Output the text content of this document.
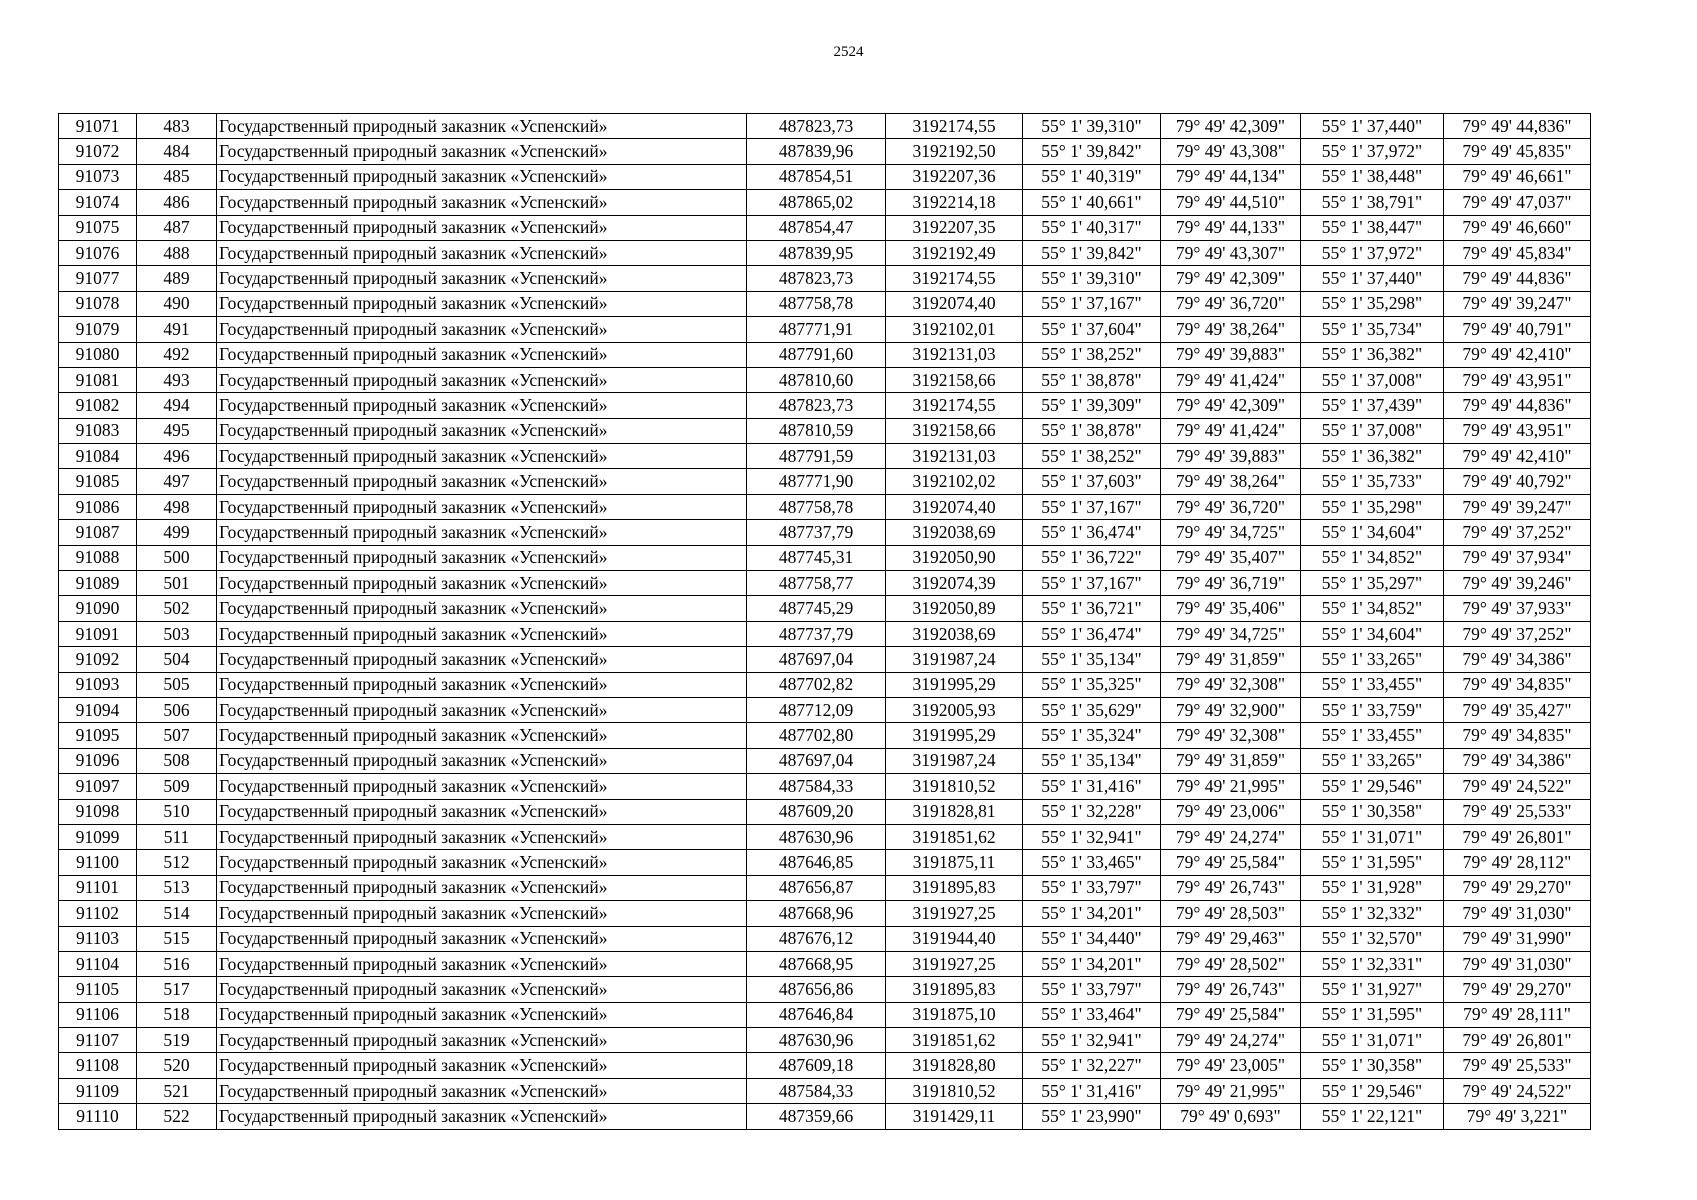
2524
91071	483	Государственный природный заказник «Успенский»	487823,73	3192174,55	55° 1' 39,310"	79° 49' 42,309"	55° 1' 37,440"	79° 49' 44,836"
91072	484	Государственный природный заказник «Успенский»	487839,96	3192192,50	55° 1' 39,842"	79° 49' 43,308"	55° 1' 37,972"	79° 49' 45,835"
91073	485	Государственный природный заказник «Успенский»	487854,51	3192207,36	55° 1' 40,319"	79° 49' 44,134"	55° 1' 38,448"	79° 49' 46,661"
91074	486	Государственный природный заказник «Успенский»	487865,02	3192214,18	55° 1' 40,661"	79° 49' 44,510"	55° 1' 38,791"	79° 49' 47,037"
91075	487	Государственный природный заказник «Успенский»	487854,47	3192207,35	55° 1' 40,317"	79° 49' 44,133"	55° 1' 38,447"	79° 49' 46,660"
91076	488	Государственный природный заказник «Успенский»	487839,95	3192192,49	55° 1' 39,842"	79° 49' 43,307"	55° 1' 37,972"	79° 49' 45,834"
91077	489	Государственный природный заказник «Успенский»	487823,73	3192174,55	55° 1' 39,310"	79° 49' 42,309"	55° 1' 37,440"	79° 49' 44,836"
91078	490	Государственный природный заказник «Успенский»	487758,78	3192074,40	55° 1' 37,167"	79° 49' 36,720"	55° 1' 35,298"	79° 49' 39,247"
91079	491	Государственный природный заказник «Успенский»	487771,91	3192102,01	55° 1' 37,604"	79° 49' 38,264"	55° 1' 35,734"	79° 49' 40,791"
91080	492	Государственный природный заказник «Успенский»	487791,60	3192131,03	55° 1' 38,252"	79° 49' 39,883"	55° 1' 36,382"	79° 49' 42,410"
91081	493	Государственный природный заказник «Успенский»	487810,60	3192158,66	55° 1' 38,878"	79° 49' 41,424"	55° 1' 37,008"	79° 49' 43,951"
91082	494	Государственный природный заказник «Успенский»	487823,73	3192174,55	55° 1' 39,309"	79° 49' 42,309"	55° 1' 37,439"	79° 49' 44,836"
91083	495	Государственный природный заказник «Успенский»	487810,59	3192158,66	55° 1' 38,878"	79° 49' 41,424"	55° 1' 37,008"	79° 49' 43,951"
91084	496	Государственный природный заказник «Успенский»	487791,59	3192131,03	55° 1' 38,252"	79° 49' 39,883"	55° 1' 36,382"	79° 49' 42,410"
91085	497	Государственный природный заказник «Успенский»	487771,90	3192102,02	55° 1' 37,603"	79° 49' 38,264"	55° 1' 35,733"	79° 49' 40,792"
91086	498	Государственный природный заказник «Успенский»	487758,78	3192074,40	55° 1' 37,167"	79° 49' 36,720"	55° 1' 35,298"	79° 49' 39,247"
91087	499	Государственный природный заказник «Успенский»	487737,79	3192038,69	55° 1' 36,474"	79° 49' 34,725"	55° 1' 34,604"	79° 49' 37,252"
91088	500	Государственный природный заказник «Успенский»	487745,31	3192050,90	55° 1' 36,722"	79° 49' 35,407"	55° 1' 34,852"	79° 49' 37,934"
91089	501	Государственный природный заказник «Успенский»	487758,77	3192074,39	55° 1' 37,167"	79° 49' 36,719"	55° 1' 35,297"	79° 49' 39,246"
91090	502	Государственный природный заказник «Успенский»	487745,29	3192050,89	55° 1' 36,721"	79° 49' 35,406"	55° 1' 34,852"	79° 49' 37,933"
91091	503	Государственный природный заказник «Успенский»	487737,79	3192038,69	55° 1' 36,474"	79° 49' 34,725"	55° 1' 34,604"	79° 49' 37,252"
91092	504	Государственный природный заказник «Успенский»	487697,04	3191987,24	55° 1' 35,134"	79° 49' 31,859"	55° 1' 33,265"	79° 49' 34,386"
91093	505	Государственный природный заказник «Успенский»	487702,82	3191995,29	55° 1' 35,325"	79° 49' 32,308"	55° 1' 33,455"	79° 49' 34,835"
91094	506	Государственный природный заказник «Успенский»	487712,09	3192005,93	55° 1' 35,629"	79° 49' 32,900"	55° 1' 33,759"	79° 49' 35,427"
91095	507	Государственный природный заказник «Успенский»	487702,80	3191995,29	55° 1' 35,324"	79° 49' 32,308"	55° 1' 33,455"	79° 49' 34,835"
91096	508	Государственный природный заказник «Успенский»	487697,04	3191987,24	55° 1' 35,134"	79° 49' 31,859"	55° 1' 33,265"	79° 49' 34,386"
91097	509	Государственный природный заказник «Успенский»	487584,33	3191810,52	55° 1' 31,416"	79° 49' 21,995"	55° 1' 29,546"	79° 49' 24,522"
91098	510	Государственный природный заказник «Успенский»	487609,20	3191828,81	55° 1' 32,228"	79° 49' 23,006"	55° 1' 30,358"	79° 49' 25,533"
91099	511	Государственный природный заказник «Успенский»	487630,96	3191851,62	55° 1' 32,941"	79° 49' 24,274"	55° 1' 31,071"	79° 49' 26,801"
91100	512	Государственный природный заказник «Успенский»	487646,85	3191875,11	55° 1' 33,465"	79° 49' 25,584"	55° 1' 31,595"	79° 49' 28,112"
91101	513	Государственный природный заказник «Успенский»	487656,87	3191895,83	55° 1' 33,797"	79° 49' 26,743"	55° 1' 31,928"	79° 49' 29,270"
91102	514	Государственный природный заказник «Успенский»	487668,96	3191927,25	55° 1' 34,201"	79° 49' 28,503"	55° 1' 32,332"	79° 49' 31,030"
91103	515	Государственный природный заказник «Успенский»	487676,12	3191944,40	55° 1' 34,440"	79° 49' 29,463"	55° 1' 32,570"	79° 49' 31,990"
91104	516	Государственный природный заказник «Успенский»	487668,95	3191927,25	55° 1' 34,201"	79° 49' 28,502"	55° 1' 32,331"	79° 49' 31,030"
91105	517	Государственный природный заказник «Успенский»	487656,86	3191895,83	55° 1' 33,797"	79° 49' 26,743"	55° 1' 31,927"	79° 49' 29,270"
91106	518	Государственный природный заказник «Успенский»	487646,84	3191875,10	55° 1' 33,464"	79° 49' 25,584"	55° 1' 31,595"	79° 49' 28,111"
91107	519	Государственный природный заказник «Успенский»	487630,96	3191851,62	55° 1' 32,941"	79° 49' 24,274"	55° 1' 31,071"	79° 49' 26,801"
91108	520	Государственный природный заказник «Успенский»	487609,18	3191828,80	55° 1' 32,227"	79° 49' 23,005"	55° 1' 30,358"	79° 49' 25,533"
91109	521	Государственный природный заказник «Успенский»	487584,33	3191810,52	55° 1' 31,416"	79° 49' 21,995"	55° 1' 29,546"	79° 49' 24,522"
91110	522	Государственный природный заказник «Успенский»	487359,66	3191429,11	55° 1' 23,990"	79° 49' 0,693"	55° 1' 22,121"	79° 49' 3,221"
